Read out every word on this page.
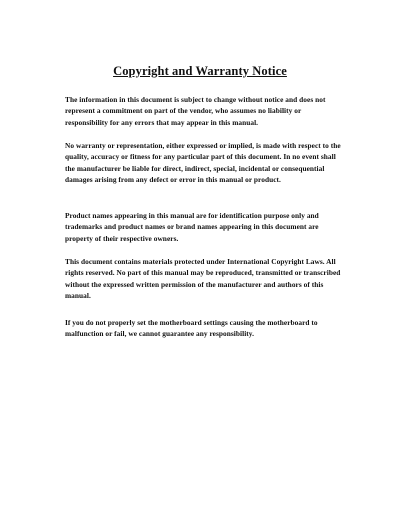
Copyright and Warranty Notice
The information in this document is subject to change without notice and does not represent a commitment on part of the vendor, who assumes no liability or responsibility for any errors that may appear in this manual.
No warranty or representation, either expressed or implied, is made with respect to the quality, accuracy or fitness for any particular part of this document. In no event shall the manufacturer be liable for direct, indirect, special, incidental or consequential damages arising from any defect or error in this manual or product.
Product names appearing in this manual are for identification purpose only and trademarks and product names or brand names appearing in this document are property of their respective owners.
This document contains materials protected under International Copyright Laws. All rights reserved. No part of this manual may be reproduced, transmitted or transcribed without the expressed written permission of the manufacturer and authors of this manual.
If you do not properly set the motherboard settings causing the motherboard to malfunction or fail, we cannot guarantee any responsibility.
